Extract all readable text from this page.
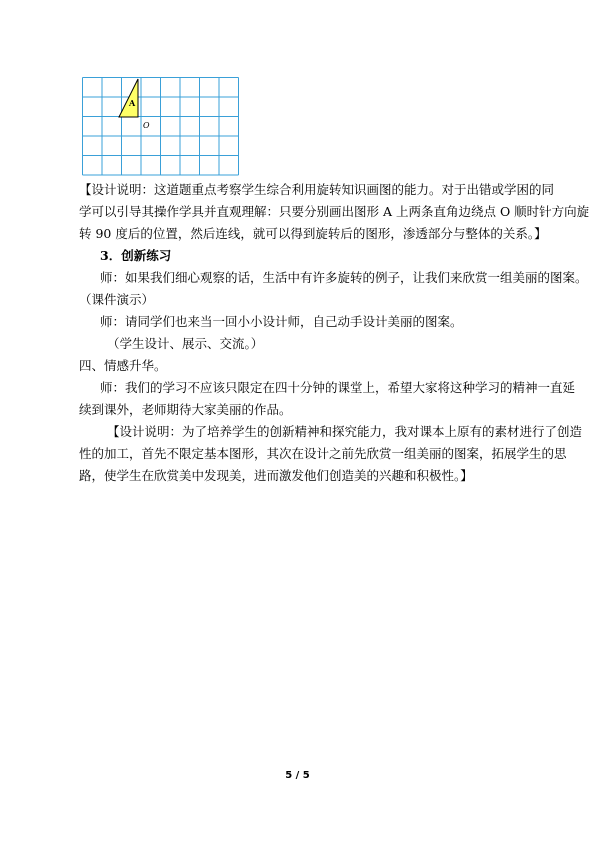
A
O
【设计说明：这道题重点考察学生综合利用旋转知识画图的能力。对于出错或学困的同
学可以引导其操作学具并直观理解：只要分别画出图形 A 上两条直角边绕点 O 顺时针方向旋
转 90 度后的位置，然后连线，就可以得到旋转后的图形，渗透部分与整体的关系。】
3．创新练习
师：如果我们细心观察的话，生活中有许多旋转的例子，让我们来欣赏一组美丽的图案。
（课件演示）
师：请同学们也来当一回小小设计师，自己动手设计美丽的图案。
（学生设计、展示、交流。）
四、情感升华。
师：我们的学习不应该只限定在四十分钟的课堂上，希望大家将这种学习的精神一直延
续到课外，老师期待大家美丽的作品。
【设计说明：为了培养学生的创新精神和探究能力，我对课本上原有的素材进行了创造
性的加工，首先不限定基本图形，其次在设计之前先欣赏一组美丽的图案，拓展学生的思
路，使学生在欣赏美中发现美，进而激发他们创造美的兴趣和积极性。】
5 / 5
